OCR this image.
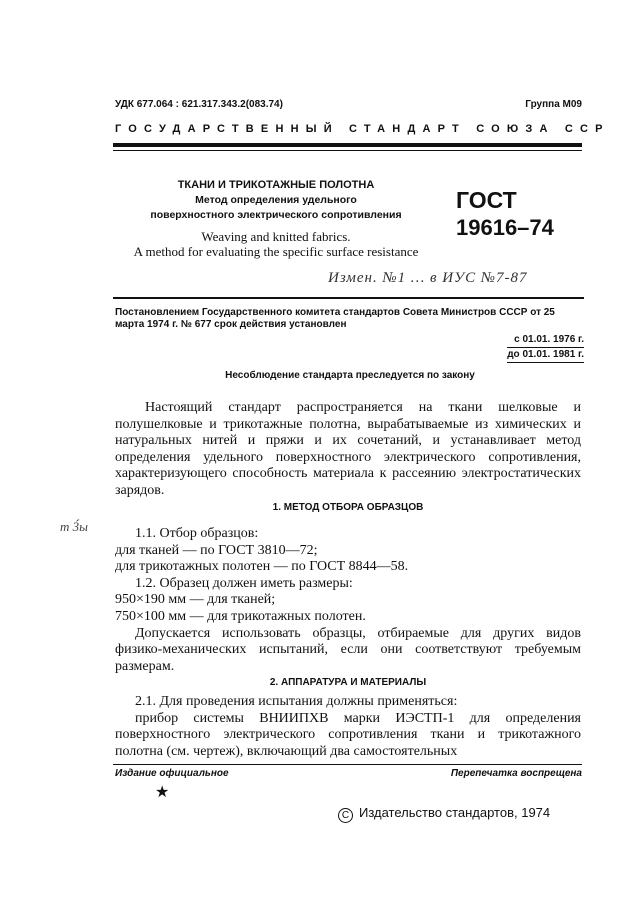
УДК 677.064 : 621.317.343.2(083.74)	Группа М09
ГОСУДАРСТВЕННЫЙ СТАНДАРТ СОЮЗА ССР
ТКАНИ И ТРИКОТАЖНЫЕ ПОЛОТНА
Метод определения удельного
поверхностного электрического сопротивления
Weaving and knitted fabrics.
A method for evaluating the specific surface resistance
ГОСТ
19616–74
Измен. №1 … в ИУС №7-87
Постановлением Государственного комитета стандартов Совета Министров СССР от 25 марта 1974 г. № 677 срок действия установлен
с 01.01. 1976 г.
до 01.01. 1981 г.
Несоблюдение стандарта преследуется по закону
Настоящий стандарт распространяется на ткани шелковые и полушелковые и трикотажные полотна, вырабатываемые из химических и натуральных нитей и пряжи и их сочетаний, и устанавливает метод определения удельного поверхностного электрического сопротивления, характеризующего способность материала к рассеянию электростатических зарядов.
1. МЕТОД ОТБОРА ОБРАЗЦОВ
т 3́́ы	1.1. Отбор образцов:
для тканей — по ГОСТ 3810—72;
для трикотажных полотен — по ГОСТ 8844—58.
1.2. Образец должен иметь размеры:
950×190 мм — для тканей;
750×100 мм — для трикотажных полотен.
Допускается использовать образцы, отбираемые для других видов физико-механических испытаний, если они соответствуют требуемым размерам.
2. АППАРАТУРА И МАТЕРИАЛЫ
2.1. Для проведения испытания должны применяться:
прибор системы ВНИИПХВ марки ИЭСТП-1 для определения поверхностного электрического сопротивления ткани и трикотажного полотна (см. чертеж), включающий два самостоятельных
Издание официальное	Перепечатка воспрещена
★
C Издательство стандартов, 1974
